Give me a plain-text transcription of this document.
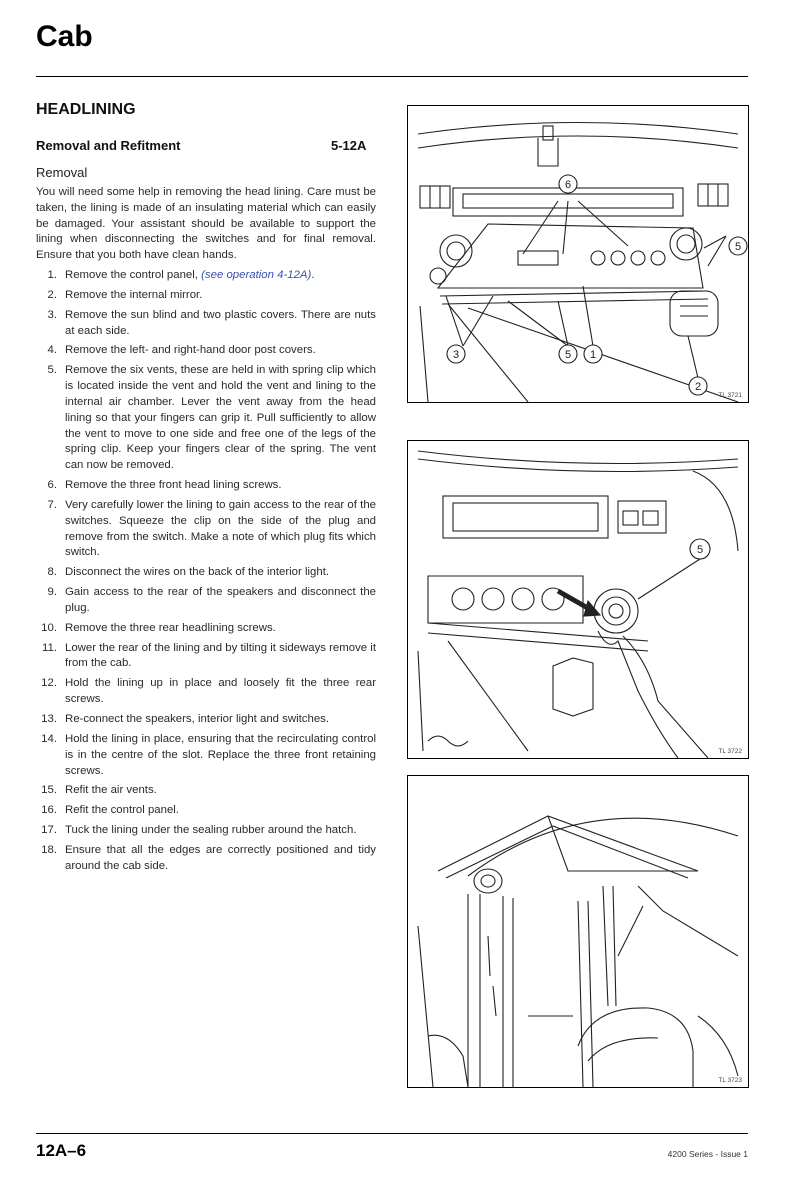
Cab
HEADLINING
Removal and Refitment	5-12A
Removal

You will need some help in removing the head lining. Care must be taken, the lining is made of an insulating material which can easily be damaged. Your assistant should be available to support the lining when disconnecting the switches and for final removal. Ensure that you both have clean hands.

1. Remove the control panel, (see operation 4-12A).
2. Remove the internal mirror.
3. Remove the sun blind and two plastic covers. There are nuts at each side.
4. Remove the left- and right-hand door post covers.
5. Remove the six vents, these are held in with spring clip which is located inside the vent and hold the vent and lining to the internal air chamber. Lever the vent away from the head lining so that your fingers can grip it. Pull sufficiently to allow the vent to move to one side and free one of the legs of the spring clip. Keep your fingers clear of the spring. The vent can now be removed.
6. Remove the three front head lining screws.
7. Very carefully lower the lining to gain access to the rear of the switches. Squeeze the clip on the side of the plug and remove from the switch. Make a note of which plug fits which switch.
8. Disconnect the wires on the back of the interior light.
9. Gain access to the rear of the speakers and disconnect the plug.
10. Remove the three rear headlining screws.
11. Lower the rear of the lining and by tilting it sideways remove it from the cab.
12. Hold the lining up in place and loosely fit the three rear screws.
13. Re-connect the speakers, interior light and switches.
14. Hold the lining in place, ensuring that the recirculating control is in the centre of the slot. Replace the three front retaining screws.
15. Refit the air vents.
16. Refit the control panel.
17. Tuck the lining under the sealing rubber around the hatch.
18. Ensure that all the edges are correctly positioned and tidy around the cab side.
6
5
3	5 1
2
TL 3721
5
TL 3722
TL 3723
12A–6	4200 Series - Issue 1
